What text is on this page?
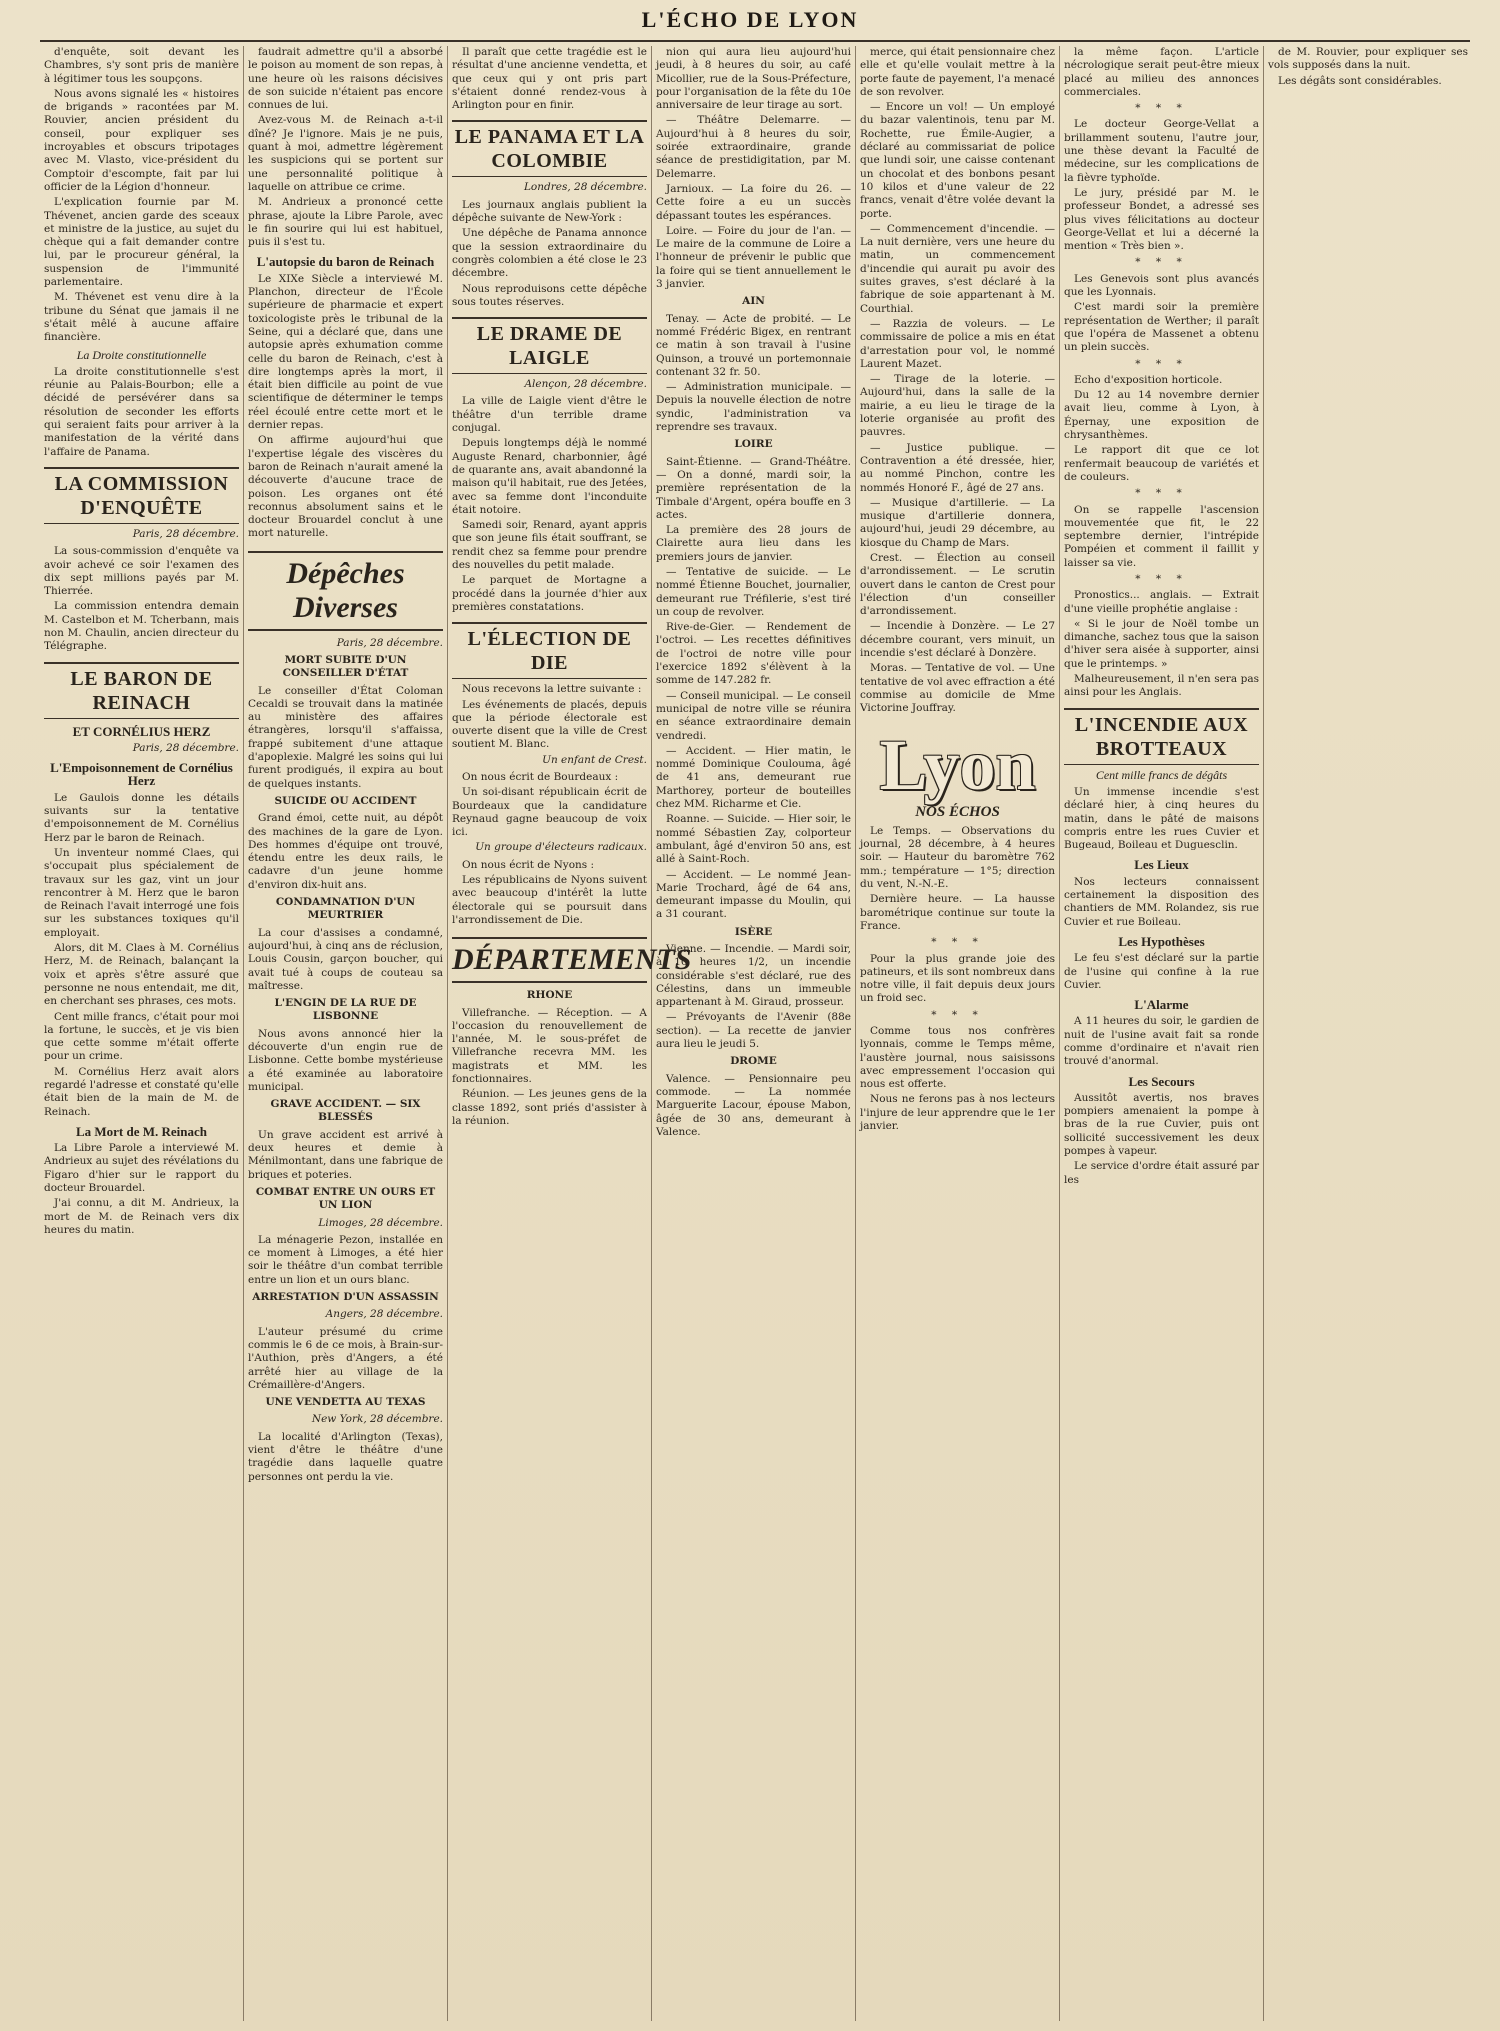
L'ÉCHO DE LYON

d'enquête, soit devant les Chambres, s'y sont pris de manière à légitimer tous les soupçons.

Nous avons signalé les « histoires de brigands » racontées par M. Rouvier, ancien président du conseil, pour expliquer ses incroyables et obscurs tripotages avec M. Vlasto, vice-président du Comptoir d'escompte, fait par lui officier de la Légion d'honneur.

L'explication fournie par M. Thévenet, ancien garde des sceaux et ministre de la justice, au sujet du chèque qui a fait demander contre lui, par le procureur général, la suspension de l'immunité parlementaire.

M. Thévenet est venu dire à la tribune du Sénat que jamais il ne s'était mêlé à aucune affaire financière.

La Droite constitutionnelle

La droite constitutionnelle s'est réunie au Palais-Bourbon; elle a décidé de persévérer dans sa résolution de seconder les efforts qui seraient faits pour arriver à la manifestation de la vérité dans l'affaire de Panama.

LA COMMISSION D'ENQUÊTE
Paris, 28 décembre.

La sous-commission d'enquête va avoir achevé ce soir l'examen des dix sept millions payés par M. Thierrée.

La commission entendra demain M. Castelbon et M. Tcherbann, mais non M. Chaulin, ancien directeur du Télégraphe.

LE BARON DE REINACH
ET CORNÉLIUS HERZ
Paris, 28 décembre.
L'Empoisonnement de Cornélius Herz

Le Gaulois donne les détails suivants sur la tentative d'empoisonnement de M. Cornélius Herz par le baron de Reinach.

Un inventeur nommé Claes, qui s'occupait plus spécialement de travaux sur les gaz, vint un jour rencontrer à M. Herz que le baron de Reinach l'avait interrogé une fois sur les substances toxiques qu'il employait.

Alors, dit M. Claes à M. Cornélius Herz, M. de Reinach, balançant la voix et après s'être assuré que personne ne nous entendait, me dit, en cherchant ses phrases, ces mots.

Cent mille francs, c'était pour moi la fortune, le succès, et je vis bien que cette somme m'était offerte pour un crime.

M. Cornélius Herz avait alors regardé l'adresse et constaté qu'elle était bien de la main de M. de Reinach.

La Mort de M. Reinach

La Libre Parole a interviewé M. Andrieux au sujet des révélations du Figaro d'hier sur le rapport du docteur Brouardel.

J'ai connu, a dit M. Andrieux, la mort de M. de Reinach vers dix heures du matin.

faudrait admettre qu'il a absorbé le poison au moment de son repas, à une heure où les raisons décisives de son suicide n'étaient pas encore connues de lui.

Avez-vous M. de Reinach a-t-il dîné? Je l'ignore. Mais je ne puis, quant à moi, admettre légèrement les suspicions qui se portent sur une personnalité politique à laquelle on attribue ce crime.

M. Andrieux a prononcé cette phrase, ajoute la Libre Parole, avec le fin sourire qui lui est habituel, puis il s'est tu.

L'autopsie du baron de Reinach

Le XIXe Siècle a interviewé M. Planchon, directeur de l'École supérieure de pharmacie et expert toxicologiste près le tribunal de la Seine, qui a déclaré que, dans une autopsie après exhumation comme celle du baron de Reinach, c'est à dire longtemps après la mort, il était bien difficile au point de vue scientifique de déterminer le temps réel écoulé entre cette mort et le dernier repas.

On affirme aujourd'hui que l'expertise légale des viscères du baron de Reinach n'aurait amené la découverte d'aucune trace de poison. Les organes ont été reconnus absolument sains et le docteur Brouardel conclut à une mort naturelle.

Dépêches Diverses
Paris, 28 décembre.
MORT SUBITE D'UN CONSEILLER D'ÉTAT

Le conseiller d'État Coloman Cecaldi se trouvait dans la matinée au ministère des affaires étrangères, lorsqu'il s'affaissa, frappé subitement d'une attaque d'apoplexie. Malgré les soins qui lui furent prodigués, il expira au bout de quelques instants.

SUICIDE OU ACCIDENT

Grand émoi, cette nuit, au dépôt des machines de la gare de Lyon. Des hommes d'équipe ont trouvé, étendu entre les deux rails, le cadavre d'un jeune homme d'environ dix-huit ans.

CONDAMNATION D'UN MEURTRIER

La cour d'assises a condamné, aujourd'hui, à cinq ans de réclusion, Louis Cousin, garçon boucher, qui avait tué à coups de couteau sa maîtresse.

L'ENGIN DE LA RUE DE LISBONNE

Nous avons annoncé hier la découverte d'un engin rue de Lisbonne. Cette bombe mystérieuse a été examinée au laboratoire municipal.

GRAVE ACCIDENT. — SIX BLESSÉS

Un grave accident est arrivé à deux heures et demie à Ménilmontant, dans une fabrique de briques et poteries.

COMBAT ENTRE UN OURS ET UN LION
Limoges, 28 décembre.

La ménagerie Pezon, installée en ce moment à Limoges, a été hier soir le théâtre d'un combat terrible entre un lion et un ours blanc.

ARRESTATION D'UN ASSASSIN
Angers, 28 décembre.

L'auteur présumé du crime commis le 6 de ce mois, à Brain-sur-l'Authion, près d'Angers, a été arrêté hier au village de la Crémaillère-d'Angers.

UNE VENDETTA AU TEXAS
New York, 28 décembre.

La localité d'Arlington (Texas), vient d'être le théâtre d'une tragédie dans laquelle quatre personnes ont perdu la vie.

Il paraît que cette tragédie est le résultat d'une ancienne vendetta, et que ceux qui y ont pris part s'étaient donné rendez-vous à Arlington pour en finir.

LE PANAMA ET LA COLOMBIE
Londres, 28 décembre.

Les journaux anglais publient la dépêche suivante de New-York :

Une dépêche de Panama annonce que la session extraordinaire du congrès colombien a été close le 23 décembre.

Nous reproduisons cette dépêche sous toutes réserves.

LE DRAME DE LAIGLE
Alençon, 28 décembre.

La ville de Laigle vient d'être le théâtre d'un terrible drame conjugal.

Depuis longtemps déjà le nommé Auguste Renard, charbonnier, âgé de quarante ans, avait abandonné la maison qu'il habitait, rue des Jetées, avec sa femme dont l'inconduite était notoire.

Samedi soir, Renard, ayant appris que son jeune fils était souffrant, se rendit chez sa femme pour prendre des nouvelles du petit malade.

Le parquet de Mortagne a procédé dans la journée d'hier aux premières constatations.

L'ÉLECTION DE DIE

Nous recevons la lettre suivante :

Les événements de placés, depuis que la période électorale est ouverte disent que la ville de Crest soutient M. Blanc.

Un enfant de Crest.

On nous écrit de Bourdeaux :

Un soi-disant républicain écrit de Bourdeaux que la candidature Reynaud gagne beaucoup de voix ici.

Un groupe d'électeurs radicaux.

On nous écrit de Nyons :

Les républicains de Nyons suivent avec beaucoup d'intérêt la lutte électorale qui se poursuit dans l'arrondissement de Die.

DÉPARTEMENTS
RHONE

Villefranche. — Réception. — A l'occasion du renouvellement de l'année, M. le sous-préfet de Villefranche recevra MM. les magistrats et MM. les fonctionnaires.

Réunion. — Les jeunes gens de la classe 1892, sont priés d'assister à la réunion.

nion qui aura lieu aujourd'hui jeudi, à 8 heures du soir, au café Micollier, rue de la Sous-Préfecture, pour l'organisation de la fête du 10e anniversaire de leur tirage au sort.

— Théâtre Delemarre. — Aujourd'hui à 8 heures du soir, soirée extraordinaire, grande séance de prestidigitation, par M. Delemarre.

Jarnioux. — La foire du 26. — Cette foire a eu un succès dépassant toutes les espérances.

Loire. — Foire du jour de l'an. — Le maire de la commune de Loire a l'honneur de prévenir le public que la foire qui se tient annuellement le 3 janvier.

AIN

Tenay. — Acte de probité. — Le nommé Frédéric Bigex, en rentrant ce matin à son travail à l'usine Quinson, a trouvé un portemonnaie contenant 32 fr. 50.

— Administration municipale. — Depuis la nouvelle élection de notre syndic, l'administration va reprendre ses travaux.

LOIRE

Saint-Étienne. — Grand-Théâtre. — On a donné, mardi soir, la première représentation de la Timbale d'Argent, opéra bouffe en 3 actes.

La première des 28 jours de Clairette aura lieu dans les premiers jours de janvier.

— Tentative de suicide. — Le nommé Étienne Bouchet, journalier, demeurant rue Tréfilerie, s'est tiré un coup de revolver.

Rive-de-Gier. — Rendement de l'octroi. — Les recettes définitives de l'octroi de notre ville pour l'exercice 1892 s'élèvent à la somme de 147.282 fr.

— Conseil municipal. — Le conseil municipal de notre ville se réunira en séance extraordinaire demain vendredi.

— Accident. — Hier matin, le nommé Dominique Coulouma, âgé de 41 ans, demeurant rue Marthorey, porteur de bouteilles chez MM. Richarme et Cie.

Roanne. — Suicide. — Hier soir, le nommé Sébastien Zay, colporteur ambulant, âgé d'environ 50 ans, est allé à Saint-Roch.

— Accident. — Le nommé Jean-Marie Trochard, âgé de 64 ans, demeurant impasse du Moulin, qui a 31 courant.

ISÈRE

Vienne. — Incendie. — Mardi soir, à 10 heures 1/2, un incendie considérable s'est déclaré, rue des Célestins, dans un immeuble appartenant à M. Giraud, prosseur.

— Prévoyants de l'Avenir (88e section). — La recette de janvier aura lieu le jeudi 5.

DROME

Valence. — Pensionnaire peu commode. — La nommée Marguerite Lacour, épouse Mabon, âgée de 30 ans, demeurant à Valence.

merce, qui était pensionnaire chez elle et qu'elle voulait mettre à la porte faute de payement, l'a menacé de son revolver.

— Encore un vol! — Un employé du bazar valentinois, tenu par M. Rochette, rue Émile-Augier, a déclaré au commissariat de police que lundi soir, une caisse contenant un chocolat et des bonbons pesant 10 kilos et d'une valeur de 22 francs, venait d'être volée devant la porte.

— Commencement d'incendie. — La nuit dernière, vers une heure du matin, un commencement d'incendie qui aurait pu avoir des suites graves, s'est déclaré à la fabrique de soie appartenant à M. Courthial.

— Razzia de voleurs. — Le commissaire de police a mis en état d'arrestation pour vol, le nommé Laurent Mazet.

— Tirage de la loterie. — Aujourd'hui, dans la salle de la mairie, a eu lieu le tirage de la loterie organisée au profit des pauvres.

— Justice publique. — Contravention a été dressée, hier, au nommé Pinchon, contre les nommés Honoré F., âgé de 27 ans.

— Musique d'artillerie. — La musique d'artillerie donnera, aujourd'hui, jeudi 29 décembre, au kiosque du Champ de Mars.

Crest. — Élection au conseil d'arrondissement. — Le scrutin ouvert dans le canton de Crest pour l'élection d'un conseiller d'arrondissement.

— Incendie à Donzère. — Le 27 décembre courant, vers minuit, un incendie s'est déclaré à Donzère.

Moras. — Tentative de vol. — Une tentative de vol avec effraction a été commise au domicile de Mme Victorine Jouffray.

Lyon
NOS ÉCHOS

Le Temps. — Observations du journal, 28 décembre, à 4 heures soir. — Hauteur du baromètre 762 mm.; température — 1°5; direction du vent, N.-N.-E.

Dernière heure. — La hausse barométrique continue sur toute la France.

* * *

Pour la plus grande joie des patineurs, et ils sont nombreux dans notre ville, il fait depuis deux jours un froid sec.

* * *

Comme tous nos confrères lyonnais, comme le Temps même, l'austère journal, nous saisissons avec empressement l'occasion qui nous est offerte.

Nous ne ferons pas à nos lecteurs l'injure de leur apprendre que le 1er janvier.

la même façon. L'article nécrologique serait peut-être mieux placé au milieu des annonces commerciales.

* * *

Le docteur George-Vellat a brillamment soutenu, l'autre jour, une thèse devant la Faculté de médecine, sur les complications de la fièvre typhoïde.

Le jury, présidé par M. le professeur Bondet, a adressé ses plus vives félicitations au docteur George-Vellat et lui a décerné la mention « Très bien ».

* * *

Les Genevois sont plus avancés que les Lyonnais.

C'est mardi soir la première représentation de Werther; il paraît que l'opéra de Massenet a obtenu un plein succès.

* * *

Echo d'exposition horticole.

Du 12 au 14 novembre dernier avait lieu, comme à Lyon, à Épernay, une exposition de chrysanthèmes.

Le rapport dit que ce lot renfermait beaucoup de variétés et de couleurs.

* * *

On se rappelle l'ascension mouvementée que fit, le 22 septembre dernier, l'intrépide Pompéien et comment il faillit y laisser sa vie.

* * *

Pronostics... anglais. — Extrait d'une vieille prophétie anglaise :

« Si le jour de Noël tombe un dimanche, sachez tous que la saison d'hiver sera aisée à supporter, ainsi que le printemps. »

Malheureusement, il n'en sera pas ainsi pour les Anglais.

L'INCENDIE AUX BROTTEAUX
Cent mille francs de dégâts

Un immense incendie s'est déclaré hier, à cinq heures du matin, dans le pâté de maisons compris entre les rues Cuvier et Bugeaud, Boileau et Duguesclin.

Les Lieux

Nos lecteurs connaissent certainement la disposition des chantiers de MM. Rolandez, sis rue Cuvier et rue Boileau.

Les Hypothèses

Le feu s'est déclaré sur la partie de l'usine qui confine à la rue Cuvier.

L'Alarme

A 11 heures du soir, le gardien de nuit de l'usine avait fait sa ronde comme d'ordinaire et n'avait rien trouvé d'anormal.

Les Secours

Aussitôt avertis, nos braves pompiers amenaient la pompe à bras de la rue Cuvier, puis ont sollicité successivement les deux pompes à vapeur.

Le service d'ordre était assuré par les

de M. Rouvier, pour expliquer ses vols supposés dans la nuit.

Les dégâts sont considérables.
